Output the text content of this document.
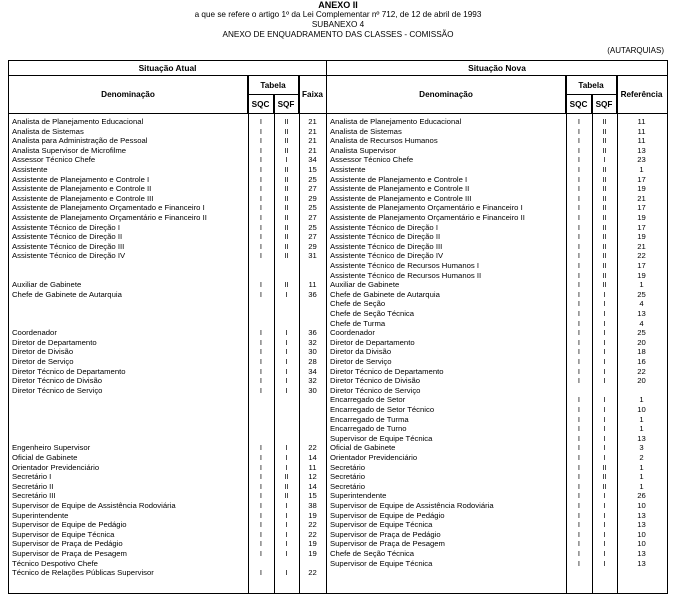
ANEXO II
a que se refere o artigo 1º da Lei Complementar nº 712, de 12 de abril de 1993
SUBANEXO 4
ANEXO DE ENQUADRAMENTO DAS CLASSES - COMISSÃO
(AUTARQUIAS)
Situação Atual
Denominação
Tabela
SQC	SQF
Faixa
Analista de Planejamento Educacional	I	II	21
Analista de Sistemas	I	II	21
Analista para Administração de Pessoal	I	II	21
Analista Supervisor de Microfilme	I	II	21
Assessor Técnico Chefe	I	I	34
Assistente	I	II	15
Assistente de Planejamento e Controle I	I	II	25
Assistente de Planejamento e Controle II	I	II	27
Assistente de Planejamento e Controle III	I	II	29
Assistente de Planejamento Orçamentado e Financeiro I	I	II	25
Assistente de Planejamento Orçamentário e Financeiro II	I	II	27
Assistente Técnico de Direção I	I	II	25
Assistente Técnico de Direção II	I	II	27
Assistente Técnico de Direção III	I	II	29
Assistente Técnico de Direção IV	I	II	31
Auxiliar de Gabinete	I	II	11
Chefe de Gabinete de Autarquia	I	I	36
Coordenador	I	I	36
Diretor de Departamento	I	I	32
Diretor de Divisão	I	I	30
Diretor de Serviço	I	I	28
Diretor Técnico de Departamento	I	I	34
Diretor Técnico de Divisão	I	I	32
Diretor Técnico de Serviço	I	I	30
Engenheiro Supervisor	I	I	22
Oficial de Gabinete	I	I	14
Orientador Previdenciário	I	I	11
Secretário I	I	II	12
Secretário II	I	II	14
Secretário III	I	II	15
Supervisor de Equipe de Assistência Rodoviária	I	I	38
Superintendente	I	I	19
Supervisor de Equipe de Pedágio	I	I	22
Supervisor de Equipe Técnica	I	I	22
Supervisor de Praça de Pedágio	I	I	19
Supervisor de Praça de Pesagem	I	I	19
Técnico Despotivo Chefe
Técnico de Relações Públicas Supervisor	I	I	22
Situação Nova
Denominação
Tabela
SQC	SQF
Referência
Analista de Planejamento Educacional	I	II	11
Analista de Sistemas	I	II	11
Analista de Recursos Humanos	I	II	11
Analista Supervisor	I	II	13
Assessor Técnico Chefe	I	I	23
Assistente	I	II	1
Assistente de Planejamento e Controle I	I	II	17
Assistente de Planejamento e Controle II	I	II	19
Assistente de Planejamento e Controle III	I	II	21
Assistente de Planejamento Orçamentário e Financeiro I	I	II	17
Assistente de Planejamento Orçamentário e Financeiro II	I	II	19
Assistente Técnico de Direção I	I	II	17
Assistente Técnico de Direção II	I	II	19
Assistente Técnico de Direção III	I	II	21
Assistente Técnico de Direção IV	I	II	22
Assistente Técnico de Recursos Humanos I	I	II	17
Assistente Técnico de Recursos Humanos II	I	II	19
Auxiliar de Gabinete	I	II	1
Chefe de Gabinete de Autarquia	I	I	25
Chefe de Seção	I	I	4
Chefe de Seção Técnica	I	I	13
Chefe de Turma	I	I	4
Coordenador	I	I	25
Diretor de Departamento	I	I	20
Diretor da Divisão	I	I	18
Diretor de Serviço	I	I	16
Diretor Técnico de Departamento	I	I	22
Diretor Técnico de Divisão	I	I	20
Diretor Técnico de Serviço
Encarregado de Setor	I	I	1
Encarregado de Setor Técnico	I	I	10
Encarregado de Turma	I	I	1
Encarregado de Turno	I	I	1
Supervisor de Equipe Técnica	I	I	13
Oficial de Gabinete	I	I	3
Orientador Previdenciário	I	I	2
Secretário	I	II	1
Secretário	I	II	1
Secretário	I	II	1
Superintendente	I	I	26
Supervisor de Equipe de Assistência Rodoviária	I	I	10
Supervisor de Equipe de Pedágio	I	I	13
Supervisor de Equipe Técnica	I	I	13
Supervisor de Praça de Pedágio	I	I	10
Supervisor de Praça de Pesagem	I	I	10
Chefe de Seção Técnica	I	I	13
Supervisor de Equipe Técnica	I	I	13
